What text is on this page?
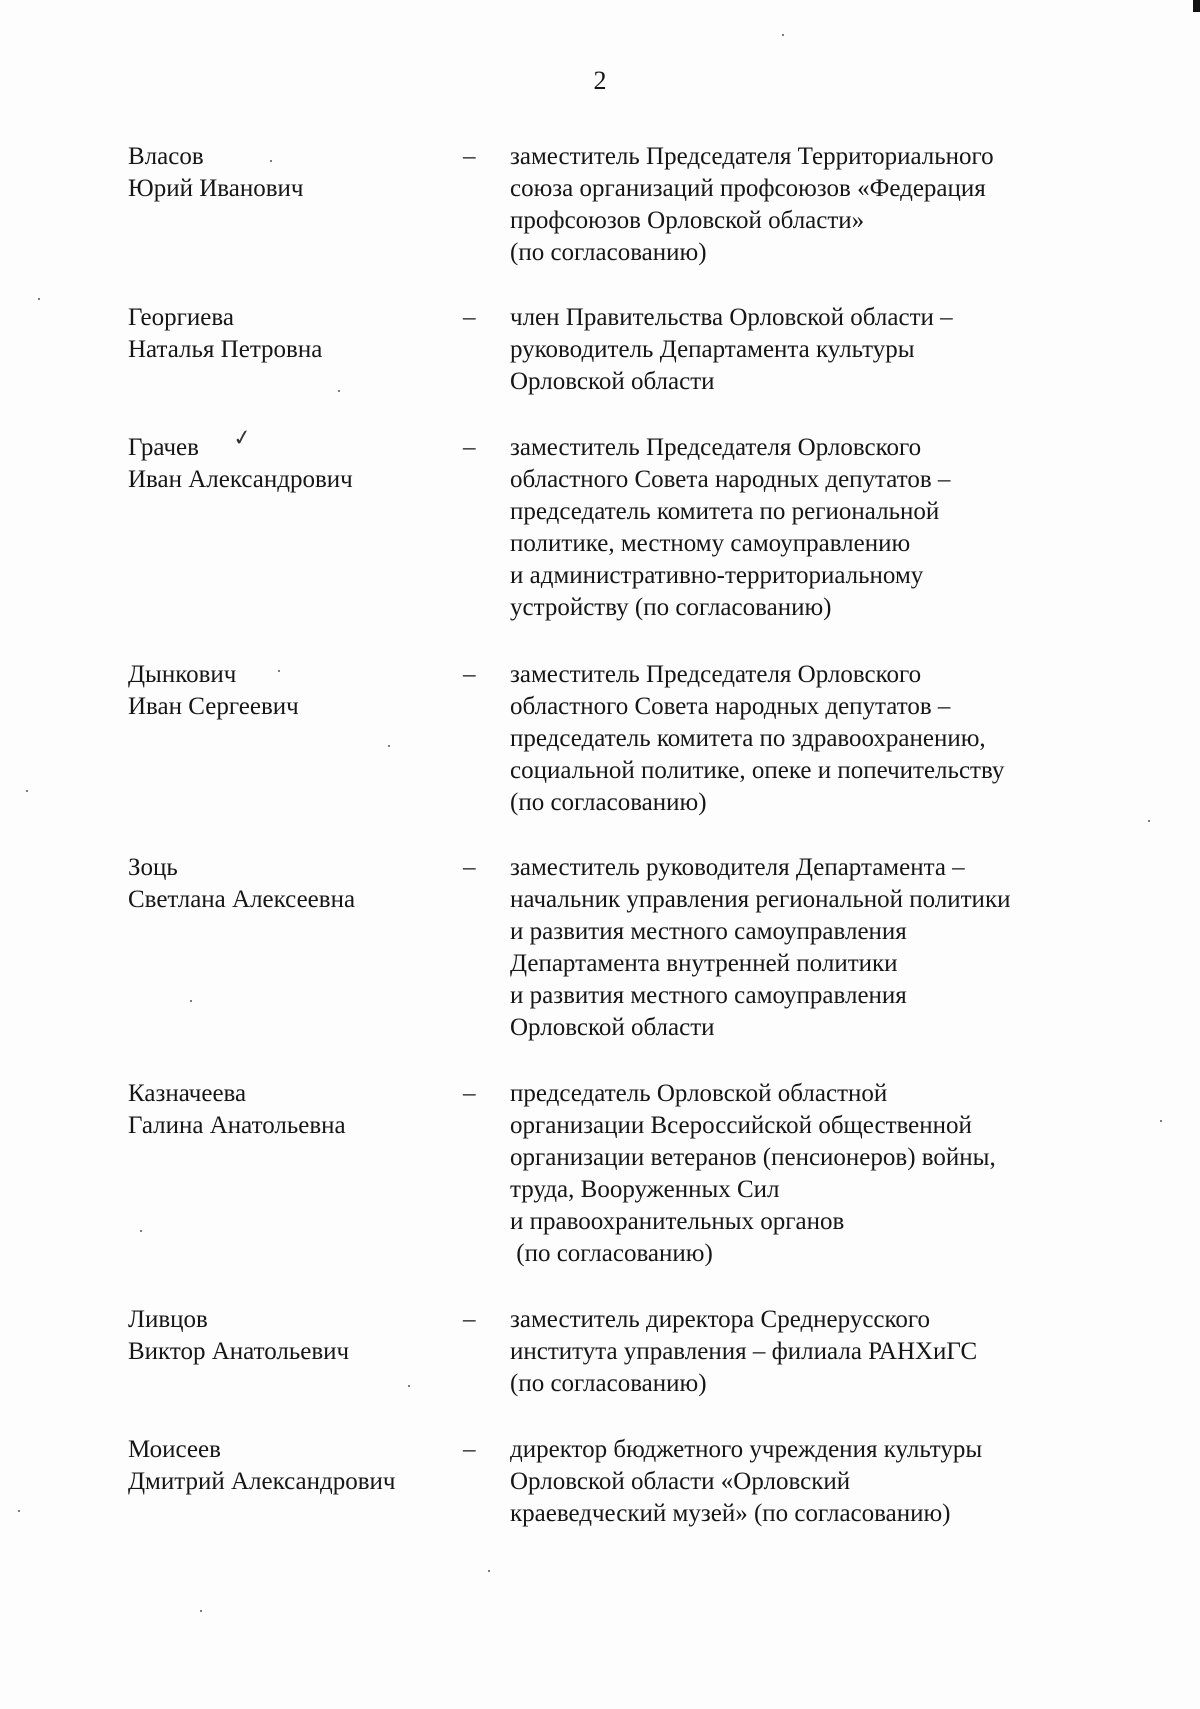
2
Власов
Юрий Иванович
– заместитель Председателя Территориального
союза организаций профсоюзов «Федерация
профсоюзов Орловской области»
(по согласованию)
Георгиева
Наталья Петровна
– член Правительства Орловской области –
руководитель Департамента культуры
Орловской области
Грачев
Иван Александрович
– заместитель Председателя Орловского
областного Совета народных депутатов –
председатель комитета по региональной
политике, местному самоуправлению
и административно-территориальному
устройству (по согласованию)
✓
Дынкович
Иван Сергеевич
– заместитель Председателя Орловского
областного Совета народных депутатов –
председатель комитета по здравоохранению,
социальной политике, опеке и попечительству
(по согласованию)
Зоць
Светлана Алексеевна
– заместитель руководителя Департамента –
начальник управления региональной политики
и развития местного самоуправления
Департамента внутренней политики
и развития местного самоуправления
Орловской области
Казначеева
Галина Анатольевна
– председатель Орловской областной
организации Всероссийской общественной
организации ветеранов (пенсионеров) войны,
труда, Вооруженных Сил
и правоохранительных органов
(по согласованию)
Ливцов
Виктор Анатольевич
– заместитель директора Среднерусского
института управления – филиала РАНХиГС
(по согласованию)
Моисеев
Дмитрий Александрович
– директор бюджетного учреждения культуры
Орловской области «Орловский
краеведческий музей» (по согласованию)
